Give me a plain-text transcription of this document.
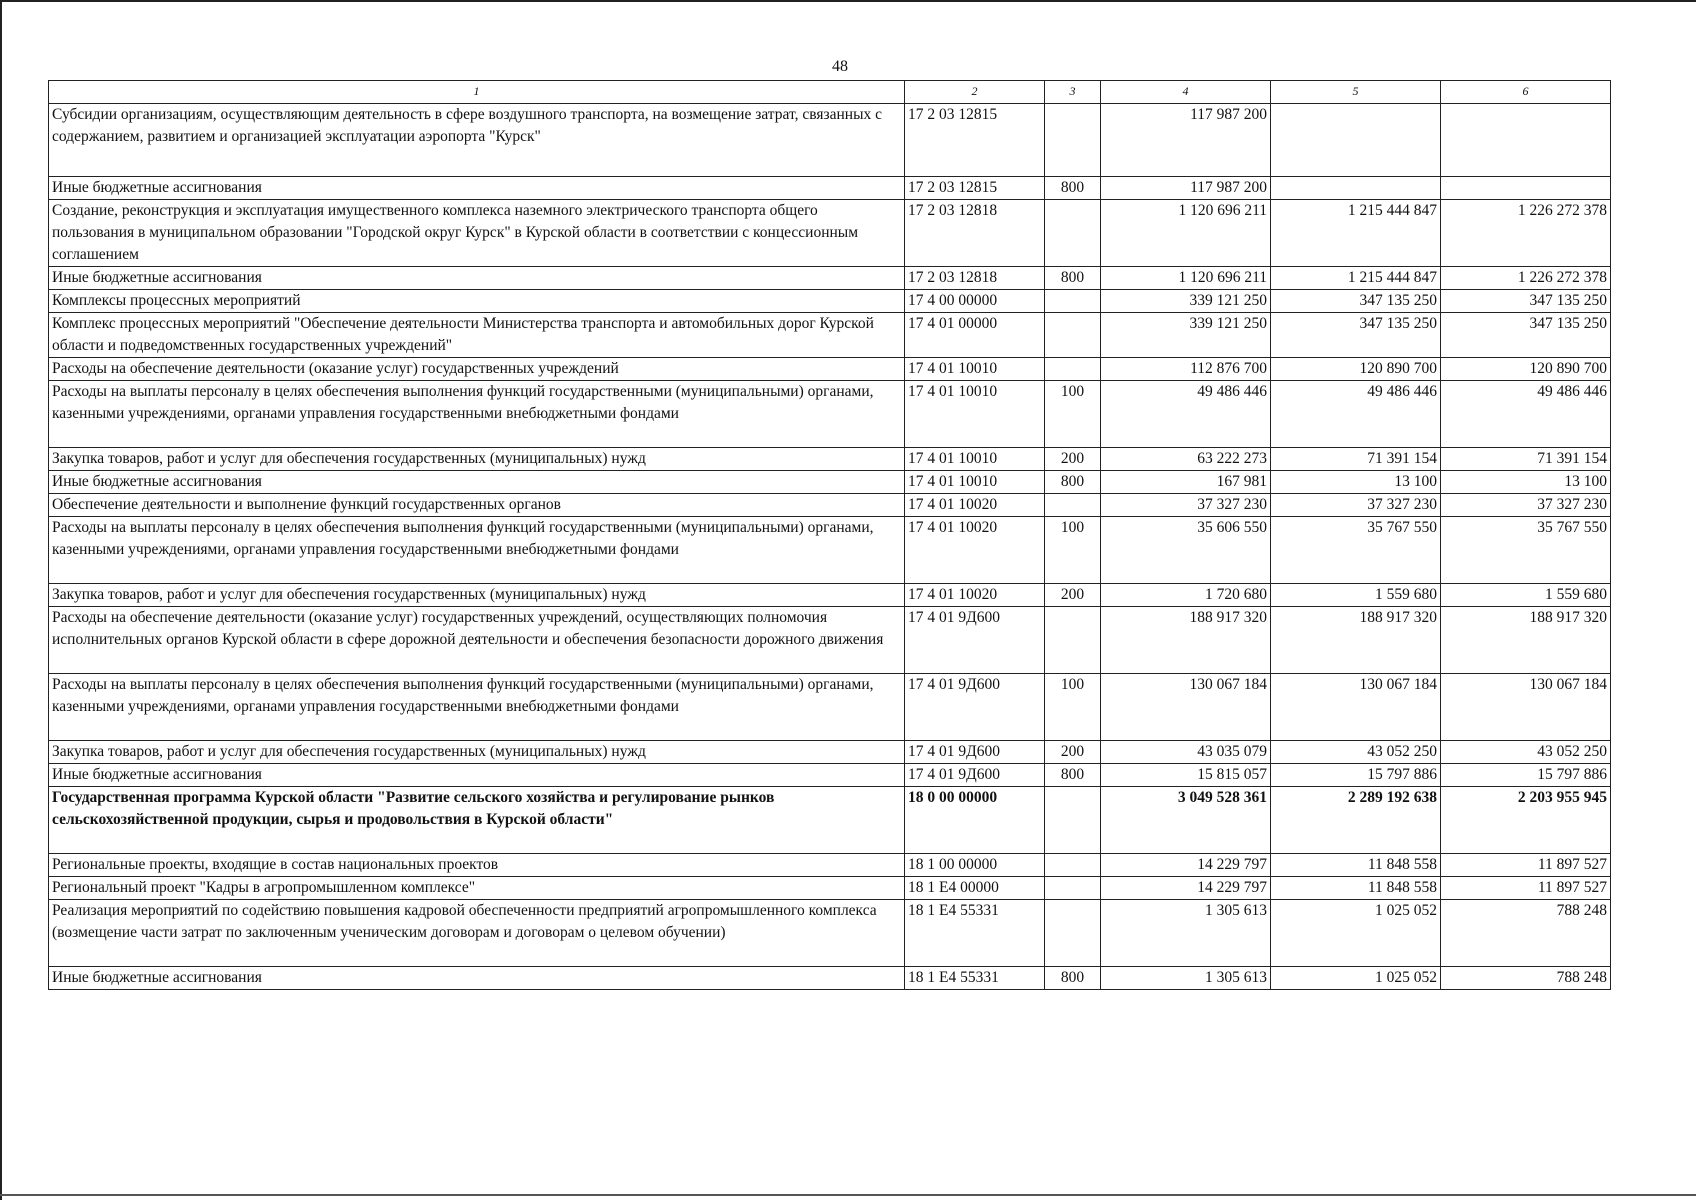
48
1	2	3	4	5	6
Субсидии организациям, осуществляющим деятельность в сфере воздушного транспорта, на возмещение затрат, связанных с содержанием, развитием и организацией эксплуатации аэропорта "Курск"	17 2 03 12815		117 987 200		
Иные бюджетные ассигнования	17 2 03 12815	800	117 987 200		
Создание, реконструкция и эксплуатация имущественного комплекса наземного электрического транспорта общего пользования в муниципальном образовании "Городской округ Курск" в Курской области в соответствии с концессионным соглашением	17 2 03 12818		1 120 696 211	1 215 444 847	1 226 272 378
Иные бюджетные ассигнования	17 2 03 12818	800	1 120 696 211	1 215 444 847	1 226 272 378
Комплексы процессных мероприятий	17 4 00 00000		339 121 250	347 135 250	347 135 250
Комплекс процессных мероприятий "Обеспечение деятельности Министерства транспорта и автомобильных дорог Курской области и подведомственных государственных учреждений"	17 4 01 00000		339 121 250	347 135 250	347 135 250
Расходы на обеспечение деятельности (оказание услуг) государственных учреждений	17 4 01 10010		112 876 700	120 890 700	120 890 700
Расходы на выплаты персоналу в целях обеспечения выполнения функций государственными (муниципальными) органами, казенными учреждениями, органами управления государственными внебюджетными фондами	17 4 01 10010	100	49 486 446	49 486 446	49 486 446
Закупка товаров, работ и услуг для обеспечения государственных (муниципальных) нужд	17 4 01 10010	200	63 222 273	71 391 154	71 391 154
Иные бюджетные ассигнования	17 4 01 10010	800	167 981	13 100	13 100
Обеспечение деятельности и выполнение функций государственных органов	17 4 01 10020		37 327 230	37 327 230	37 327 230
Расходы на выплаты персоналу в целях обеспечения выполнения функций государственными (муниципальными) органами, казенными учреждениями, органами управления государственными внебюджетными фондами	17 4 01 10020	100	35 606 550	35 767 550	35 767 550
Закупка товаров, работ и услуг для обеспечения государственных (муниципальных) нужд	17 4 01 10020	200	1 720 680	1 559 680	1 559 680
Расходы на обеспечение деятельности (оказание услуг) государственных учреждений, осуществляющих полномочия исполнительных органов Курской области в сфере дорожной деятельности и обеспечения безопасности дорожного движения	17 4 01 9Д600		188 917 320	188 917 320	188 917 320
Расходы на выплаты персоналу в целях обеспечения выполнения функций государственными (муниципальными) органами, казенными учреждениями, органами управления государственными внебюджетными фондами	17 4 01 9Д600	100	130 067 184	130 067 184	130 067 184
Закупка товаров, работ и услуг для обеспечения государственных (муниципальных) нужд	17 4 01 9Д600	200	43 035 079	43 052 250	43 052 250
Иные бюджетные ассигнования	17 4 01 9Д600	800	15 815 057	15 797 886	15 797 886
Государственная программа Курской области "Развитие сельского хозяйства и регулирование рынков сельскохозяйственной продукции, сырья и продовольствия в Курской области"	18 0 00 00000		3 049 528 361	2 289 192 638	2 203 955 945
Региональные проекты, входящие в состав национальных проектов	18 1 00 00000		14 229 797	11 848 558	11 897 527
Региональный проект "Кадры в агропромышленном комплексе"	18 1 Е4 00000		14 229 797	11 848 558	11 897 527
Реализация мероприятий по содействию повышения кадровой обеспеченности предприятий агропромышленного комплекса (возмещение части затрат по заключенным ученическим договорам и договорам о целевом обучении)	18 1 Е4 55331		1 305 613	1 025 052	788 248
Иные бюджетные ассигнования	18 1 Е4 55331	800	1 305 613	1 025 052	788 248
